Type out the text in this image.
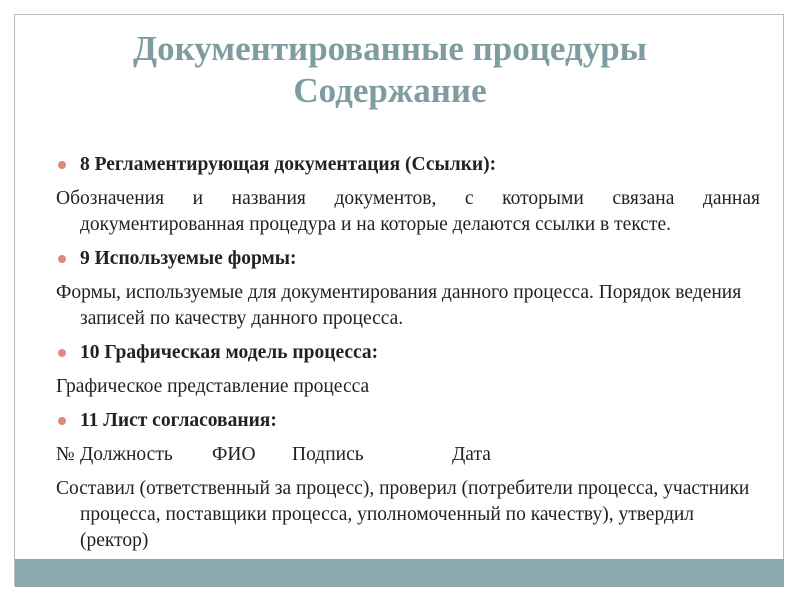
Документированные процедуры
Содержание
8 Регламентирующая документация (Ссылки):
Обозначения и названия документов, с которыми связана данная документированная процедура и на которые делаются ссылки в тексте.
9 Используемые формы:
Формы, используемые для документирования данного процесса. Порядок ведения записей по качеству данного процесса.
10 Графическая модель процесса:
Графическое представление процесса
11 Лист согласования:
№ Должность	ФИО	Подпись	Дата
Составил (ответственный за процесс), проверил (потребители процесса, участники процесса, поставщики процесса, уполномоченный по качеству), утвердил (ректор)
